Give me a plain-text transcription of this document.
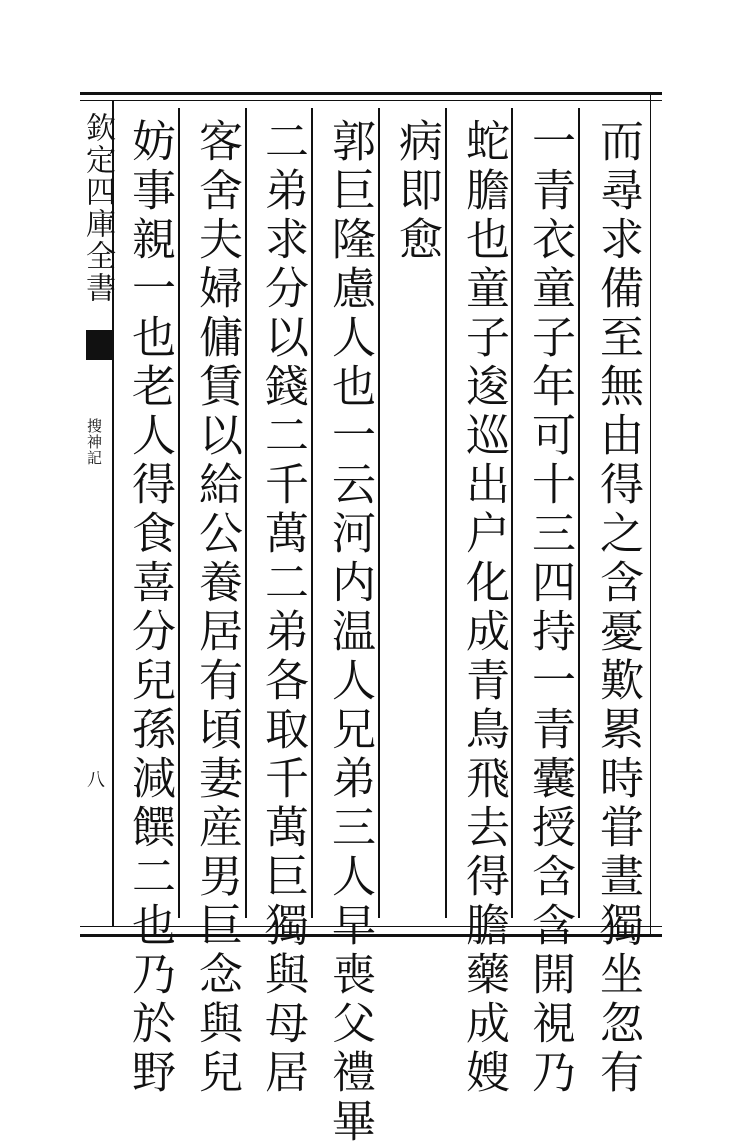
欽定四庫全書
搜神記
八	而尋求備至無由得之含憂歎累時甞晝獨坐忽有
一青衣童子年可十三四持一青囊授含含開視乃
蛇膽也童子逡巡出户化成青鳥飛去得膽藥成嫂
病即愈
郭巨隆慮人也一云河内温人兄弟三人早喪父禮畢
二弟求分以錢二千萬二弟各取千萬巨獨與母居
客舍夫婦傭賃以給公養居有頃妻産男巨念與兒
妨事親一也老人得食喜分兒孫減饌二也乃於野
